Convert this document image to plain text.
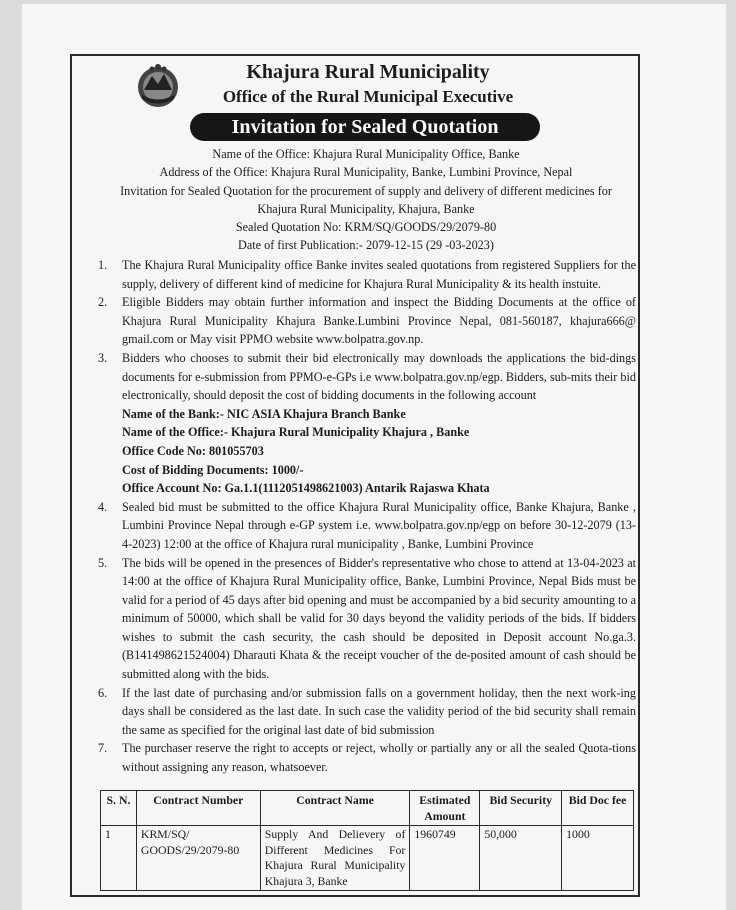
Khajura Rural Municipality
Office of the Rural Municipal Executive
Invitation for Sealed Quotation
Name of the Office: Khajura Rural Municipality Office, Banke
Address of the Office: Khajura Rural Municipality, Banke, Lumbini Province, Nepal
Invitation for Sealed Quotation for the procurement of supply and delivery of different medicines for
Khajura Rural Municipality, Khajura, Banke
Sealed Quotation No: KRM/SQ/GOODS/29/2079-80
Date of first Publication:- 2079-12-15 (29 -03-2023)
1. The Khajura Rural Municipality office Banke invites sealed quotations from registered Suppliers for the supply, delivery of different kind of medicine for Khajura Rural Municipality & its health instuite.
2. Eligible Bidders may obtain further information and inspect the Bidding Documents at the office of Khajura Rural Municipality Khajura Banke.Lumbini Province Nepal, 081-560187, khajura666@ gmail.com or May visit PPMO website www.bolpatra.gov.np.
3. Bidders who chooses to submit their bid electronically may downloads the applications the bid-dings documents for e-submission from PPMO-e-GPs i.e www.bolpatra.gov.np/egp. Bidders, sub-mits their bid electronically, should deposit the cost of bidding documents in the following account
Name of the Bank:- NIC ASIA Khajura Branch Banke
Name of the Office:- Khajura Rural Municipality Khajura , Banke
Office Code No: 801055703
Cost of Bidding Documents: 1000/-
Office Account No: Ga.1.1(1112051498621003) Antarik Rajaswa Khata
4. Sealed bid must be submitted to the office Khajura Rural Municipality office, Banke Khajura, Banke , Lumbini Province Nepal through e-GP system i.e. www.bolpatra.gov.np/egp on before 30-12-2079 (13-4-2023) 12:00 at the office of Khajura rural municipality , Banke, Lumbini Province
5. The bids will be opened in the presences of Bidder's representative who chose to attend at 13-04-2023 at 14:00 at the office of Khajura Rural Municipality office, Banke, Lumbini Province, Nepal Bids must be valid for a period of 45 days after bid opening and must be accompanied by a bid security amounting to a minimum of 50000, which shall be valid for 30 days beyond the validity periods of the bids. If bidders wishes to submit the cash security, the cash should be deposited in Deposit account No.ga.3.(B141498621524004) Dharauti Khata & the receipt voucher of the de-posited amount of cash should be submitted along with the bids.
6. If the last date of purchasing and/or submission falls on a government holiday, then the next work-ing days shall be considered as the last date. In such case the validity period of the bid security shall remain the same as specified for the original last date of bid submission
7. The purchaser reserve the right to accepts or reject, wholly or partially any or all the sealed Quota-tions without assigning any reason, whatsoever.
S. N.	Contract Number	Contract Name	Estimated Amount	Bid Security	Bid Doc fee
1	KRM/SQ/ GOODS/29/2079-80	Supply And Delievery of Different Medicines For Khajura Rural Municipality Khajura 3, Banke	1960749	50,000	1000
